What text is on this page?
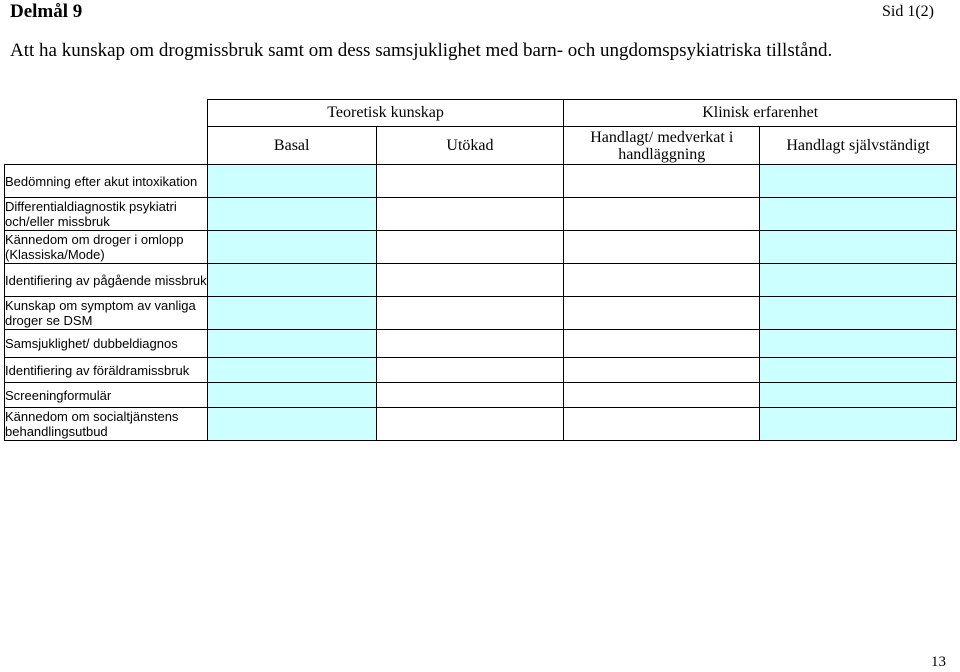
Delmål 9	Sid 1(2)
Att ha kunskap om drogmissbruk samt om dess samsjuklighet med barn- och ungdomspsykiatriska tillstånd.
	Teoretisk kunskap		Klinisk erfarenhet	
	Basal	Utökad	Handlagt/ medverkat i handläggning	Handlagt självständigt
Bedömning efter akut intoxikation				
Differentialdiagnostik psykiatri och/eller missbruk				
Kännedom om droger i omlopp (Klassiska/Mode)				
Identifiering av pågående missbruk				
Kunskap om symptom av vanliga droger se DSM				
Samsjuklighet/ dubbeldiagnos				
Identifiering av föräldramissbruk				
Screeningformulär				
Kännedom om socialtjänstens behandlingsutbud				
13
